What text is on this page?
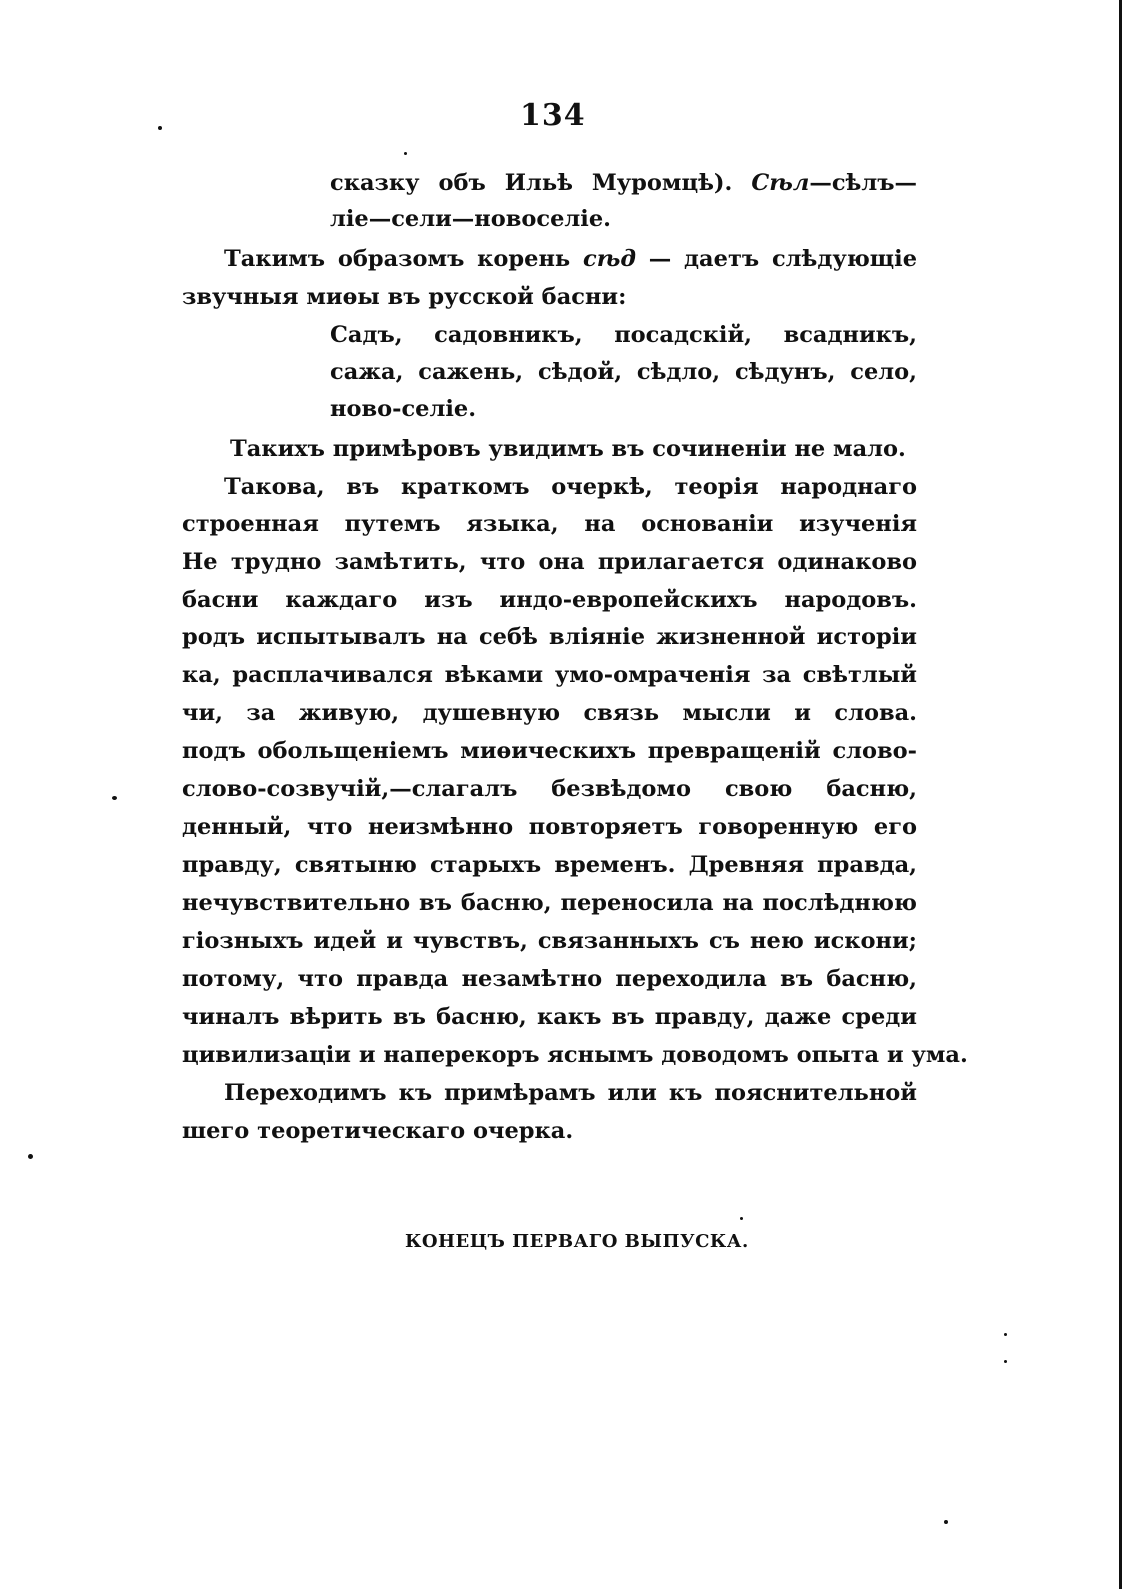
134
сказку объ Ильѣ Муромцѣ). Сѣл—сѣлъ—
ліе—сели—новоселіе.
Такимъ образомъ корень сѣд — даетъ слѣдующіе
звучныя миѳы въ русской басни:
Садъ, садовникъ, посадскій, всадникъ,
сажа, сажень, сѣдой, сѣдло, сѣдунъ, село,
ново-селіе.
Такихъ примѣровъ увидимъ въ сочиненіи не мало.
Такова, въ краткомъ очеркѣ, теорія народнаго
строенная путемъ языка, на основаніи изученія
Не трудно замѣтить, что она прилагается одинаково
басни каждаго изъ индо-европейскихъ народовъ.
родъ испытывалъ на себѣ вліяніе жизненной исторіи
ка, расплачивался вѣками умо-омраченія за свѣтлый
чи, за живую, душевную связь мысли и слова.
подъ обольщеніемъ миѳическихъ превращеній слово-
слово-созвучій,—слагалъ безвѣдомо свою басню,
денный, что неизмѣнно повторяетъ говоренную его
правду, святыню старыхъ временъ. Древняя правда,
нечувствительно въ басню, переносила на послѣднюю
гіозныхъ идей и чувствъ, связанныхъ съ нею искони;
потому, что правда незамѣтно переходила въ басню,
чиналъ вѣрить въ басню, какъ въ правду, даже среди
цивилизаціи и наперекоръ яснымъ доводомъ опыта и ума.
Переходимъ къ примѣрамъ или къ пояснительной
шего теоретическаго очерка.
КОНЕЦЪ ПЕРВАГО ВЫПУСКА.
